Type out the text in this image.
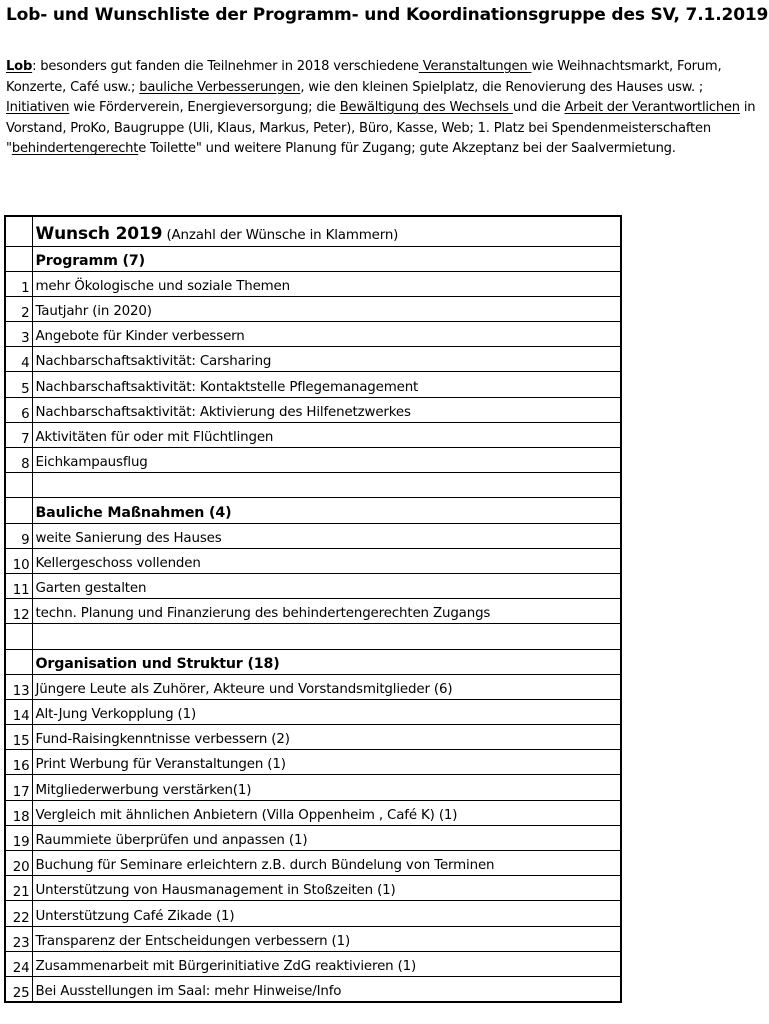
Lob- und Wunschliste der Programm- und Koordinationsgruppe des SV, 7.1.2019
Lob: besonders gut fanden die Teilnehmer in 2018 verschiedene Veranstaltungen wie Weihnachtsmarkt, Forum, Konzerte, Café usw.; bauliche Verbesserungen, wie den kleinen Spielplatz, die Renovierung des Hauses usw. ; Initiativen wie Förderverein, Energieversorgung; die Bewältigung des Wechsels und die Arbeit der Verantwortlichen in Vorstand, ProKo, Baugruppe (Uli, Klaus, Markus, Peter), Büro, Kasse, Web; 1. Platz bei Spendenmeisterschaften "behindertengerechte Toilette" und weitere Planung für Zugang; gute Akzeptanz bei der Saalvermietung.
	Wunsch 2019 (Anzahl der Wünsche in Klammern)
	Programm (7)
1	mehr Ökologische und soziale Themen
2	Tautjahr (in 2020)
3	Angebote für Kinder verbessern
4	Nachbarschaftsaktivität: Carsharing
5	Nachbarschaftsaktivität: Kontaktstelle Pflegemanagement
6	Nachbarschaftsaktivität: Aktivierung des Hilfenetzwerkes
7	Aktivitäten für oder mit Flüchtlingen
8	Eichkampausflug

	Bauliche Maßnahmen (4)
9	weite Sanierung des Hauses
10	Kellergeschoss vollenden
11	Garten gestalten
12	techn. Planung und Finanzierung des behindertengerechten Zugangs

	Organisation und Struktur (18)
13	Jüngere Leute als Zuhörer, Akteure und Vorstandsmitglieder (6)
14	Alt-Jung Verkopplung (1)
15	Fund-Raisingkenntnisse verbessern (2)
16	Print Werbung für Veranstaltungen (1)
17	Mitgliederwerbung verstärken(1)
18	Vergleich mit ähnlichen Anbietern (Villa Oppenheim , Café K) (1)
19	Raummiete überprüfen und anpassen (1)
20	Buchung für Seminare erleichtern z.B. durch Bündelung von Terminen
21	Unterstützung von Hausmanagement in Stoßzeiten (1)
22	Unterstützung Café Zikade (1)
23	Transparenz der Entscheidungen verbessern (1)
24	Zusammenarbeit mit Bürgerinitiative ZdG reaktivieren (1)
25	Bei Ausstellungen im Saal: mehr Hinweise/Info
